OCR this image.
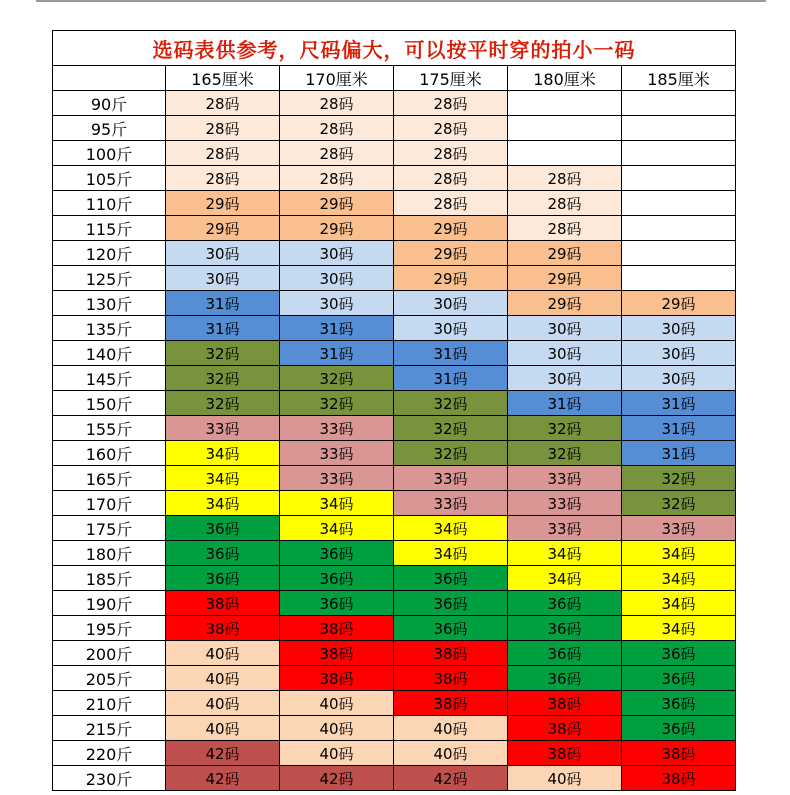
选码表供参考，尺码偏大，可以按平时穿的拍小一码					
	165厘米	170厘米	175厘米	180厘米	185厘米
90斤	28码	28码	28码		
95斤	28码	28码	28码		
100斤	28码	28码	28码		
105斤	28码	28码	28码	28码	
110斤	29码	29码	28码	28码	
115斤	29码	29码	29码	28码	
120斤	30码	30码	29码	29码	
125斤	30码	30码	29码	29码	
130斤	31码	30码	30码	29码	29码
135斤	31码	31码	30码	30码	30码
140斤	32码	31码	31码	30码	30码
145斤	32码	32码	31码	30码	30码
150斤	32码	32码	32码	31码	31码
155斤	33码	33码	32码	32码	31码
160斤	34码	33码	32码	32码	31码
165斤	34码	33码	33码	33码	32码
170斤	34码	34码	33码	33码	32码
175斤	36码	34码	34码	33码	33码
180斤	36码	36码	34码	34码	34码
185斤	36码	36码	36码	34码	34码
190斤	38码	36码	36码	36码	34码
195斤	38码	38码	36码	36码	34码
200斤	40码	38码	38码	36码	36码
205斤	40码	38码	38码	36码	36码
210斤	40码	40码	38码	38码	36码
215斤	40码	40码	40码	38码	36码
220斤	42码	40码	40码	38码	38码
230斤	42码	42码	42码	40码	38码
